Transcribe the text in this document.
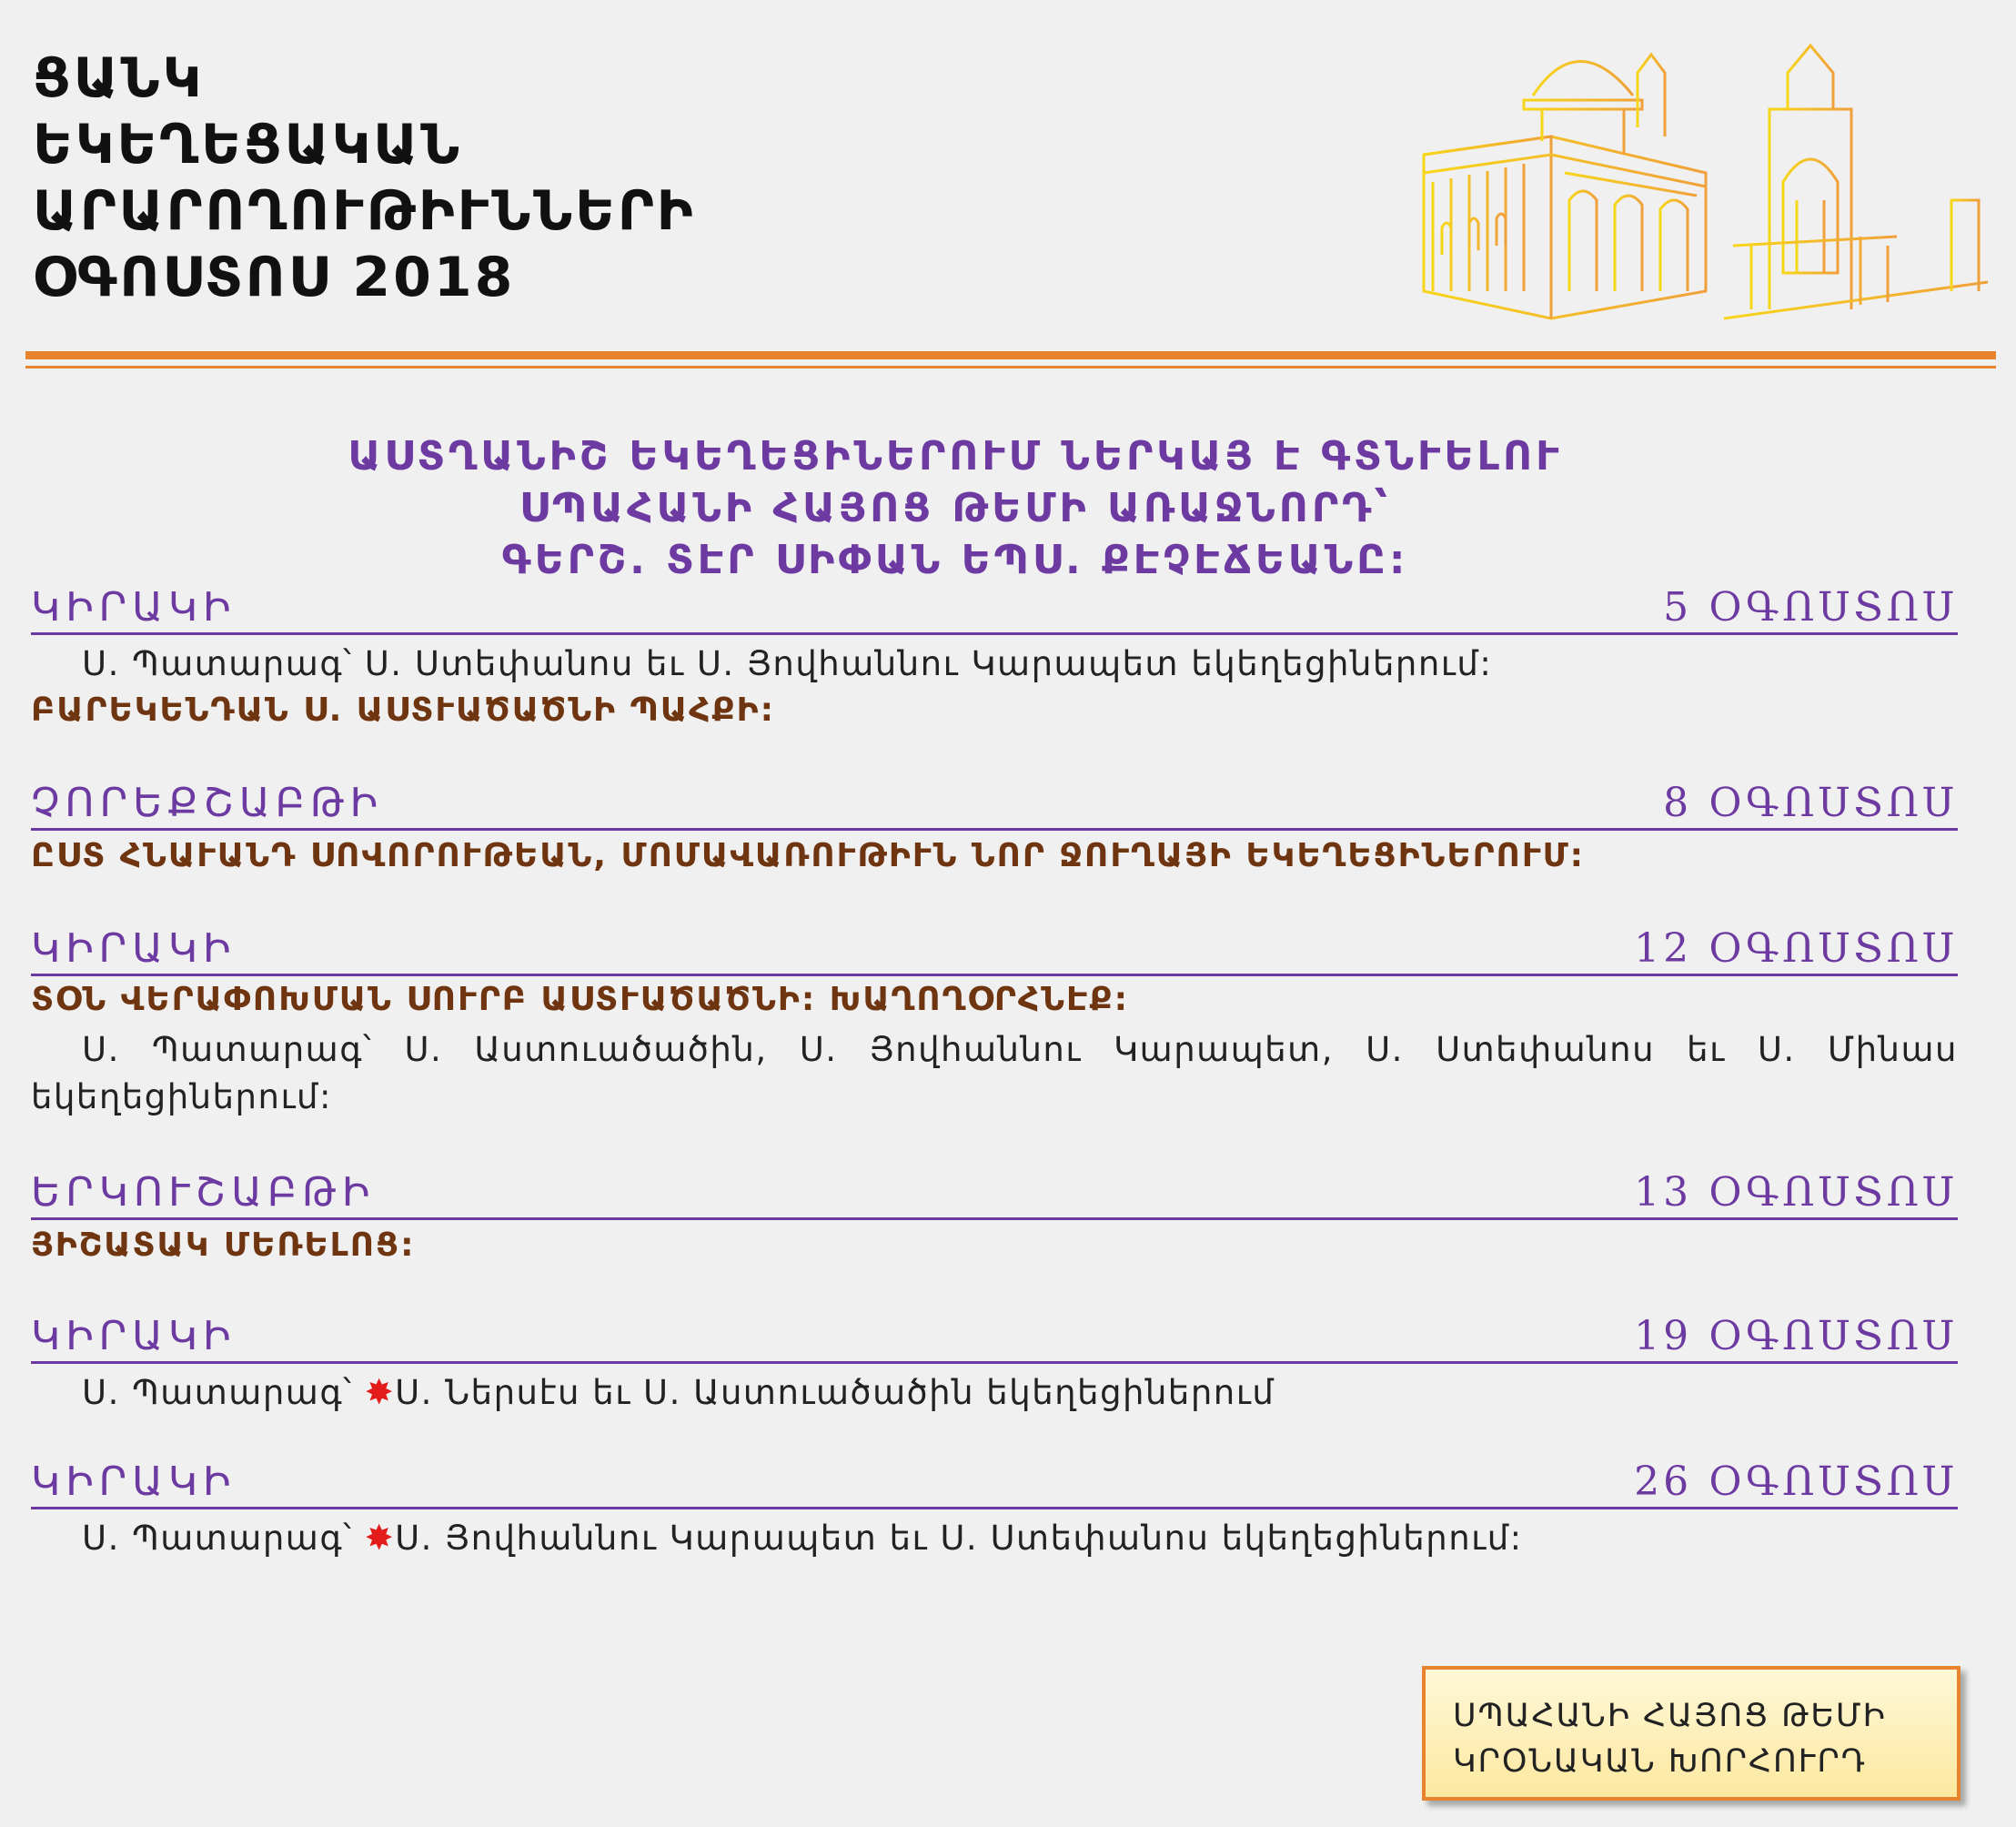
ՑԱՆԿ
ԵԿԵՂԵՑԱԿԱՆ
ԱՐԱՐՈՂՈՒԹԻՒՆՆԵՐԻ
ՕԳՈՍՏՈՍ 2018
ԱՍՏՂԱՆԻՇ ԵԿԵՂԵՑԻՆԵՐՈՒՄ ՆԵՐԿԱՅ Է ԳՏՆՒԵԼՈՒ
ՍՊԱՀԱՆԻ ՀԱՅՈՑ ԹԵՄԻ ԱՌԱՋՆՈՐԴ՝
ԳԵՐՇ. ՏԷՐ ՍԻՓԱՆ ԵՊՍ. ՔԷՉԷՃԵԱՆԸ:
ԿԻՐԱԿԻ	5 ՕԳՈՍՏՈՍ
Ս. Պատարագ՝ Ս. Ստեփանոս եւ Ս. Յովհաննու Կարապետ եկեղեցիներում:
ԲԱՐԵԿԵՆԴԱՆ Ս. ԱՍՏՒԱԾԱԾՆԻ ՊԱՀՔԻ:
ՉՈՐԵՔՇԱԲԹԻ	8 ՕԳՈՍՏՈՍ
ԸՍՏ ՀՆԱՒԱՆԴ ՍՈՎՈՐՈՒԹԵԱՆ, ՄՈՄԱՎԱՌՈՒԹԻՒՆ ՆՈՐ ՋՈՒՂԱՅԻ ԵԿԵՂԵՑԻՆԵՐՈՒՄ:
ԿԻՐԱԿԻ	12 ՕԳՈՍՏՈՍ
ՏՕՆ ՎԵՐԱՓՈԽՄԱՆ ՍՈՒՐԲ ԱՍՏՒԱԾԱԾՆԻ: ԽԱՂՈՂՕՐՀՆԷՔ:
Ս. Պատարագ՝ Ս. Աստուածածին, Ս. Յովհաննու Կարապետ, Ս. Ստեփանոս եւ Ս. Մինաս եկեղեցիներում:
ԵՐԿՈՒՇԱԲԹԻ	13 ՕԳՈՍՏՈՍ
ՅԻՇԱՏԱԿ ՄԵՌԵԼՈՑ:
ԿԻՐԱԿԻ	19 ՕԳՈՍՏՈՍ
Ս. Պատարագ՝ ✸Ս. Ներսէս եւ Ս. Աստուածածին եկեղեցիներում
ԿԻՐԱԿԻ	26 ՕԳՈՍՏՈՍ
Ս. Պատարագ՝ ✸Ս. Յովհաննու Կարապետ եւ Ս. Ստեփանոս եկեղեցիներում:
ՍՊԱՀԱՆԻ ՀԱՅՈՑ ԹԵՄԻ
ԿՐՕՆԱԿԱՆ ԽՈՐՀՈՒՐԴ
